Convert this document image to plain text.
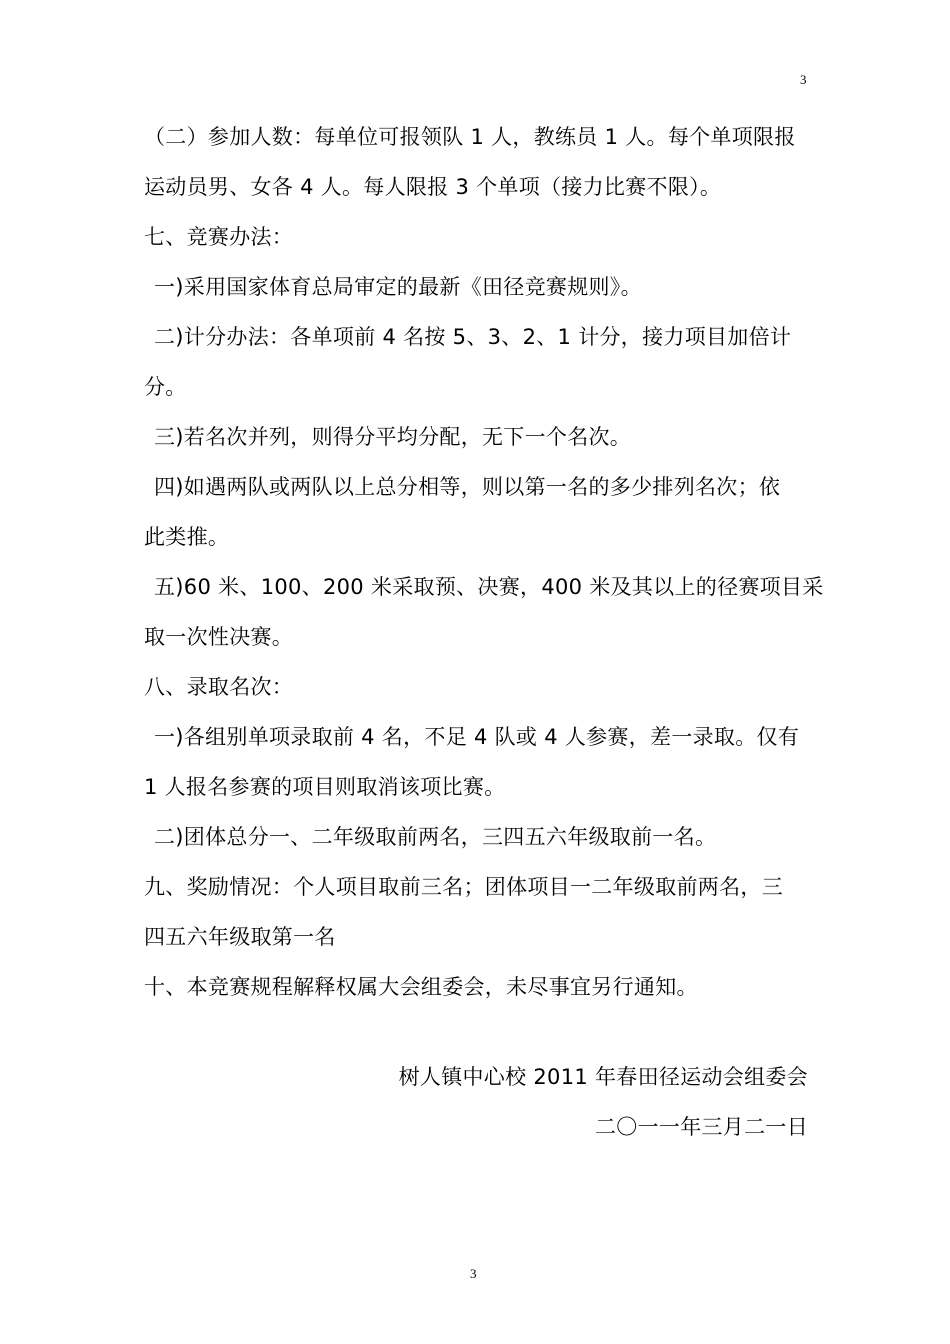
3
（二）参加人数：每单位可报领队 1 人，教练员 1 人。每个单项限报
运动员男、女各 4 人。每人限报 3 个单项（接力比赛不限）。
七、竞赛办法：
一)采用国家体育总局审定的最新《田径竞赛规则》。
二)计分办法：各单项前 4 名按 5、3、2、1 计分，接力项目加倍计
分。
三)若名次并列，则得分平均分配，无下一个名次。
四)如遇两队或两队以上总分相等，则以第一名的多少排列名次；依
此类推。
五)60 米、100、200 米采取预、决赛，400 米及其以上的径赛项目采
取一次性决赛。
八、录取名次：
一)各组别单项录取前 4 名，不足 4 队或 4 人参赛，差一录取。仅有
1 人报名参赛的项目则取消该项比赛。
二)团体总分一、二年级取前两名，三四五六年级取前一名。
九、奖励情况：个人项目取前三名；团体项目一二年级取前两名，三
四五六年级取第一名
十、本竞赛规程解释权属大会组委会，未尽事宜另行通知。
树人镇中心校 2011 年春田径运动会组委会
二〇一一年三月二一日
3
